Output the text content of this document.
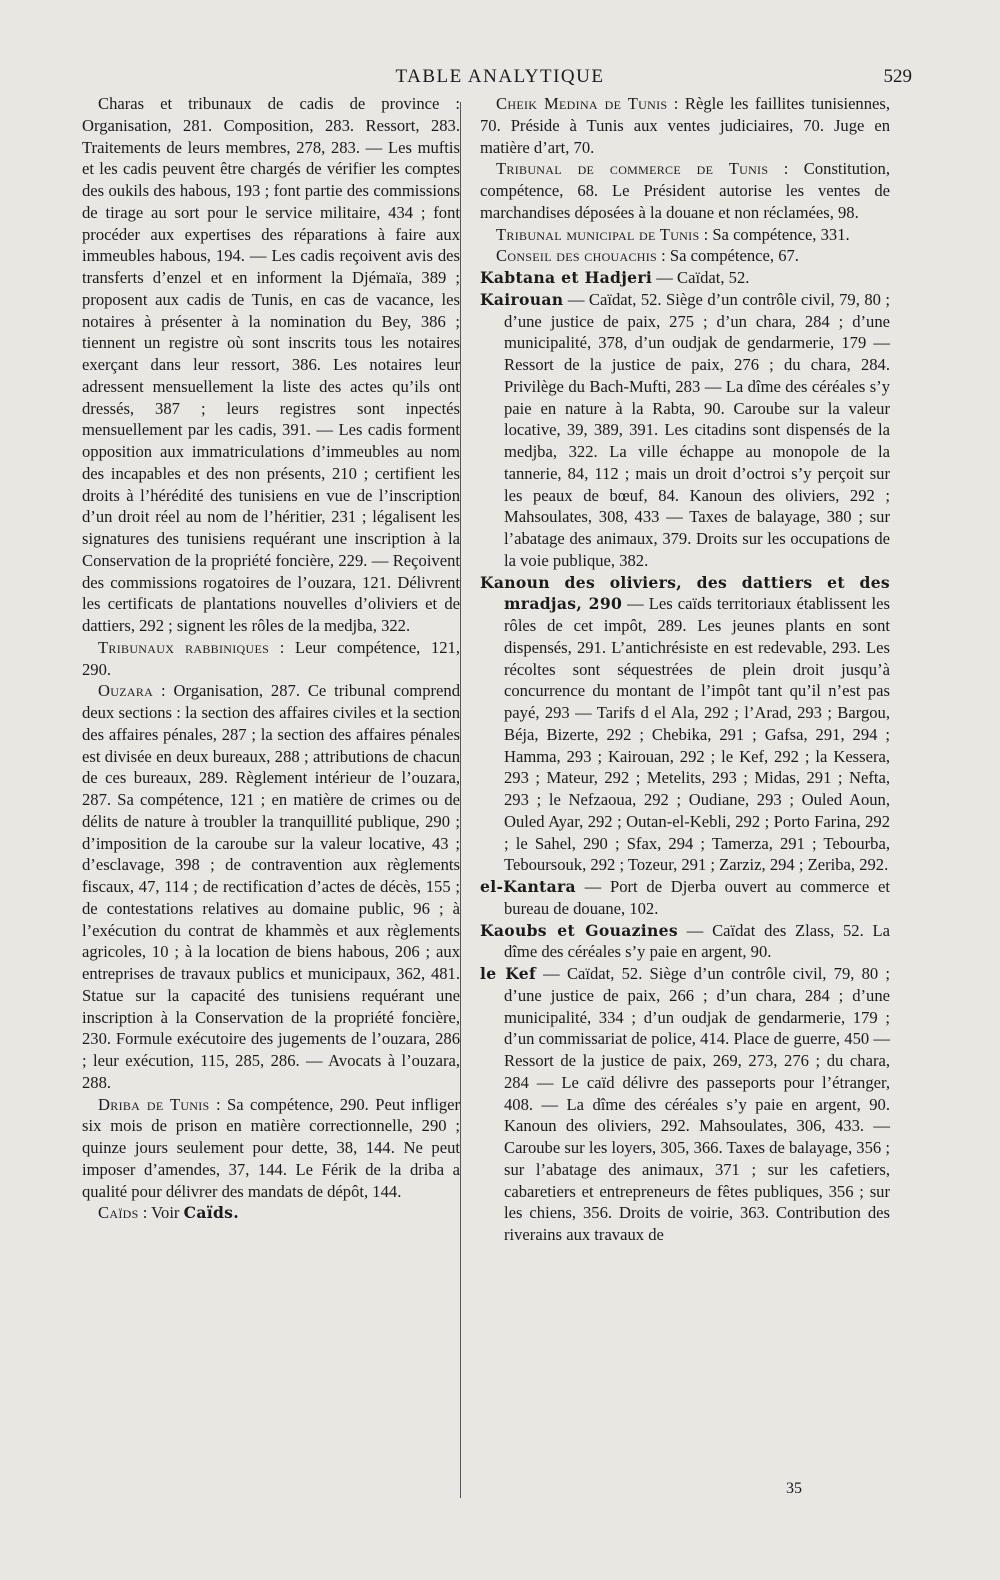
TABLE ANALYTIQUE	529

Charas et tribunaux de cadis de province : Organisation, 281. Composition, 283. Ressort, 283. Traitements de leurs membres, 278, 283. — Les muftis et les cadis peuvent être chargés de vérifier les comptes des oukils des habous, 193 ; font partie des commissions de tirage au sort pour le service militaire, 434 ; font procéder aux expertises des réparations à faire aux immeubles habous, 194. — Les cadis reçoivent avis des transferts d’enzel et en informent la Djémaïa, 389 ; proposent aux cadis de Tunis, en cas de vacance, les notaires à présenter à la nomination du Bey, 386 ; tiennent un registre où sont inscrits tous les notaires exerçant dans leur ressort, 386. Les notaires leur adressent mensuellement la liste des actes qu’ils ont dressés, 387 ; leurs registres sont inpectés mensuellement par les cadis, 391. — Les cadis forment opposition aux immatriculations d’immeubles au nom des incapables et des non présents, 210 ; certifient les droits à l’hérédité des tunisiens en vue de l’inscription d’un droit réel au nom de l’héritier, 231 ; légalisent les signatures des tunisiens requérant une inscription à la Conservation de la propriété foncière, 229. — Reçoivent des commissions rogatoires de l’ouzara, 121. Délivrent les certificats de plantations nouvelles d’oliviers et de dattiers, 292 ; signent les rôles de la medjba, 322.

Tribunaux rabbiniques : Leur compétence, 121, 290.

Ouzara : Organisation, 287. Ce tribunal comprend deux sections : la section des affaires civiles et la section des affaires pénales, 287 ; la section des affaires pénales est divisée en deux bureaux, 288 ; attributions de chacun de ces bureaux, 289. Règlement intérieur de l’ouzara, 287. Sa compétence, 121 ; en matière de crimes ou de délits de nature à troubler la tranquillité publique, 290 ; d’imposition de la caroube sur la valeur locative, 43 ; d’esclavage, 398 ; de contravention aux règlements fiscaux, 47, 114 ; de rectification d’actes de décès, 155 ; de contestations relatives au domaine public, 96 ; à l’exécution du contrat de khammès et aux règlements agricoles, 10 ; à la location de biens habous, 206 ; aux entreprises de travaux publics et municipaux, 362, 481. Statue sur la capacité des tunisiens requérant une inscription à la Conservation de la propriété foncière, 230. Formule exécutoire des jugements de l’ouzara, 286 ; leur exécution, 115, 285, 286. — Avocats à l’ouzara, 288.

Driba de Tunis : Sa compétence, 290. Peut infliger six mois de prison en matière correctionnelle, 290 ; quinze jours seulement pour dette, 38, 144. Ne peut imposer d’amendes, 37, 144. Le Férik de la driba a qualité pour délivrer des mandats de dépôt, 144.

Caïds : Voir Caïds.

Cheik Medina de Tunis : Règle les faillites tunisiennes, 70. Préside à Tunis aux ventes judiciaires, 70. Juge en matière d’art, 70.

Tribunal de commerce de Tunis : Constitution, compétence, 68. Le Président autorise les ventes de marchandises déposées à la douane et non réclamées, 98.

Tribunal municipal de Tunis : Sa compétence, 331.

Conseil des chouachis : Sa compétence, 67.

Kabtana et Hadjeri — Caïdat, 52.

Kairouan — Caïdat, 52. Siège d’un contrôle civil, 79, 80 ; d’une justice de paix, 275 ; d’un chara, 284 ; d’une municipalité, 378, d’un oudjak de gendarmerie, 179 — Ressort de la justice de paix, 276 ; du chara, 284. Privilège du Bach-Mufti, 283 — La dîme des céréales s’y paie en nature à la Rabta, 90. Caroube sur la valeur locative, 39, 389, 391. Les citadins sont dispensés de la medjba, 322. La ville échappe au monopole de la tannerie, 84, 112 ; mais un droit d’octroi s’y perçoit sur les peaux de bœuf, 84. Kanoun des oliviers, 292 ; Mahsoulates, 308, 433 — Taxes de balayage, 380 ; sur l’abatage des animaux, 379. Droits sur les occupations de la voie publique, 382.

Kanoun des oliviers, des dattiers et des mradjas, 290 — Les caïds territoriaux établissent les rôles de cet impôt, 289. Les jeunes plants en sont dispensés, 291. L’antichrésiste en est redevable, 293. Les récoltes sont séquestrées de plein droit jusqu’à concurrence du montant de l’impôt tant qu’il n’est pas payé, 293 — Tarifs d el Ala, 292 ; l’Arad, 293 ; Bargou, Béja, Bizerte, 292 ; Chebika, 291 ; Gafsa, 291, 294 ; Hamma, 293 ; Kairouan, 292 ; le Kef, 292 ; la Kessera, 293 ; Mateur, 292 ; Metelits, 293 ; Midas, 291 ; Nefta, 293 ; le Nefzaoua, 292 ; Oudiane, 293 ; Ouled Aoun, Ouled Ayar, 292 ; Outan-el-Kebli, 292 ; Porto Farina, 292 ; le Sahel, 290 ; Sfax, 294 ; Tamerza, 291 ; Tebourba, Teboursouk, 292 ; Tozeur, 291 ; Zarziz, 294 ; Zeriba, 292.

el-Kantara — Port de Djerba ouvert au commerce et bureau de douane, 102.

Kaoubs et Gouazines — Caïdat des Zlass, 52. La dîme des céréales s’y paie en argent, 90.

le Kef — Caïdat, 52. Siège d’un contrôle civil, 79, 80 ; d’une justice de paix, 266 ; d’un chara, 284 ; d’une municipalité, 334 ; d’un oudjak de gendarmerie, 179 ; d’un commissariat de police, 414. Place de guerre, 450 — Ressort de la justice de paix, 269, 273, 276 ; du chara, 284 — Le caïd délivre des passeports pour l’étranger, 408. — La dîme des céréales s’y paie en argent, 90. Kanoun des oliviers, 292. Mahsoulates, 306, 433. — Caroube sur les loyers, 305, 366. Taxes de balayage, 356 ; sur l’abatage des animaux, 371 ; sur les cafetiers, cabaretiers et entrepreneurs de fêtes publiques, 356 ; sur les chiens, 356. Droits de voirie, 363. Contribution des riverains aux travaux de

35
